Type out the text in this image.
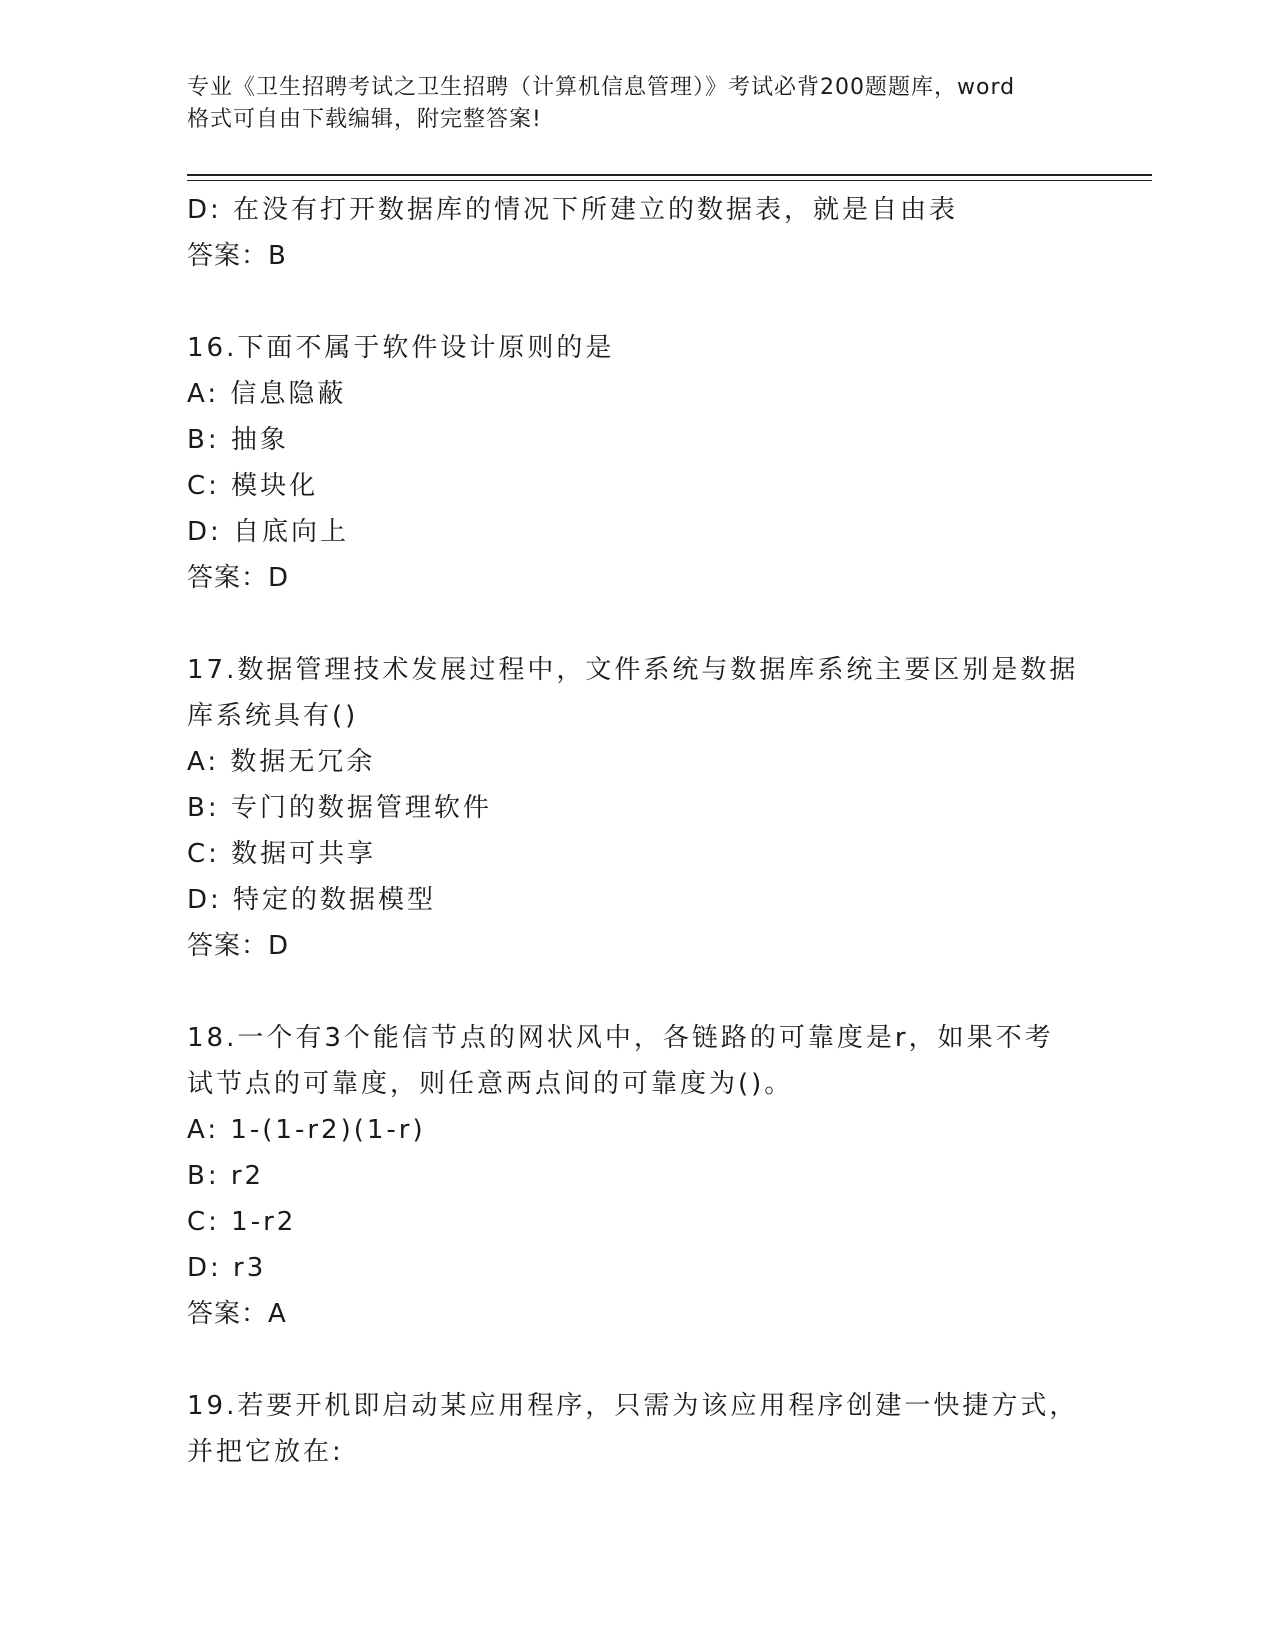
专业《卫生招聘考试之卫生招聘（计算机信息管理）》考试必背200题题库，word
格式可自由下载编辑，附完整答案!
D: 在没有打开数据库的情况下所建立的数据表，就是自由表
答案：B
16.下面不属于软件设计原则的是
A: 信息隐蔽
B: 抽象
C: 模块化
D: 自底向上
答案：D
17.数据管理技术发展过程中，文件系统与数据库系统主要区别是数据
库系统具有()
A: 数据无冗余
B: 专门的数据管理软件
C: 数据可共享
D: 特定的数据模型
答案：D
18.一个有3个能信节点的网状风中，各链路的可靠度是r，如果不考
试节点的可靠度，则任意两点间的可靠度为()。
A: 1-(1-r2)(1-r)
B: r2
C: 1-r2
D: r3
答案：A
19.若要开机即启动某应用程序，只需为该应用程序创建一快捷方式，
并把它放在:
